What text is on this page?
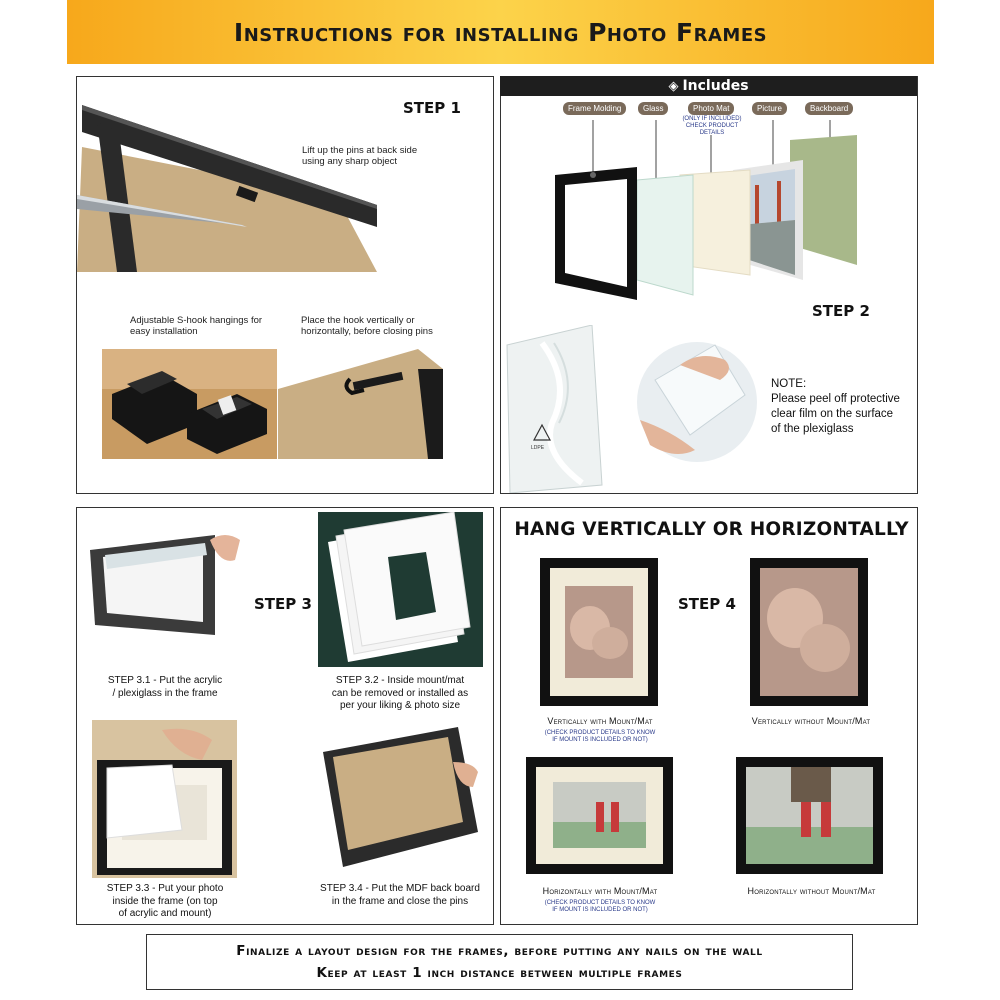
Instructions for installing Photo Frames
STEP 1
Lift up the pins at back side using any sharp object
Adjustable S-hook hangings for easy installation
Place the hook vertically or horizontally, before closing pins
◈ Includes
Frame Molding	Glass	Photo Mat	Picture	Backboard
(ONLY IF INCLUDED)
CHECK PRODUCT DETAILS
STEP 2
LDPE
NOTE:
Please peel off protective
clear film on the surface
of the plexiglass
STEP 3
STEP 3.1 - Put the acrylic
/ plexiglass in the frame
STEP 3.2 - Inside mount/mat
can be removed or installed as
per your liking & photo size
STEP 3.3 - Put your photo
inside the frame (on top
of acrylic and mount)
STEP 3.4 - Put the MDF back board
in the frame and close the pins
HANG VERTICALLY OR HORIZONTALLY
STEP 4
Vertically with Mount/Mat
(CHECK PRODUCT DETAILS TO KNOW
IF MOUNT IS INCLUDED OR NOT)
Vertically without Mount/Mat
Horizontally with Mount/Mat
(CHECK PRODUCT DETAILS TO KNOW
IF MOUNT IS INCLUDED OR NOT)
Horizontally without Mount/Mat
Finalize a layout design for the frames, before putting any nails on the wall
Keep at least 1 inch distance between multiple frames
